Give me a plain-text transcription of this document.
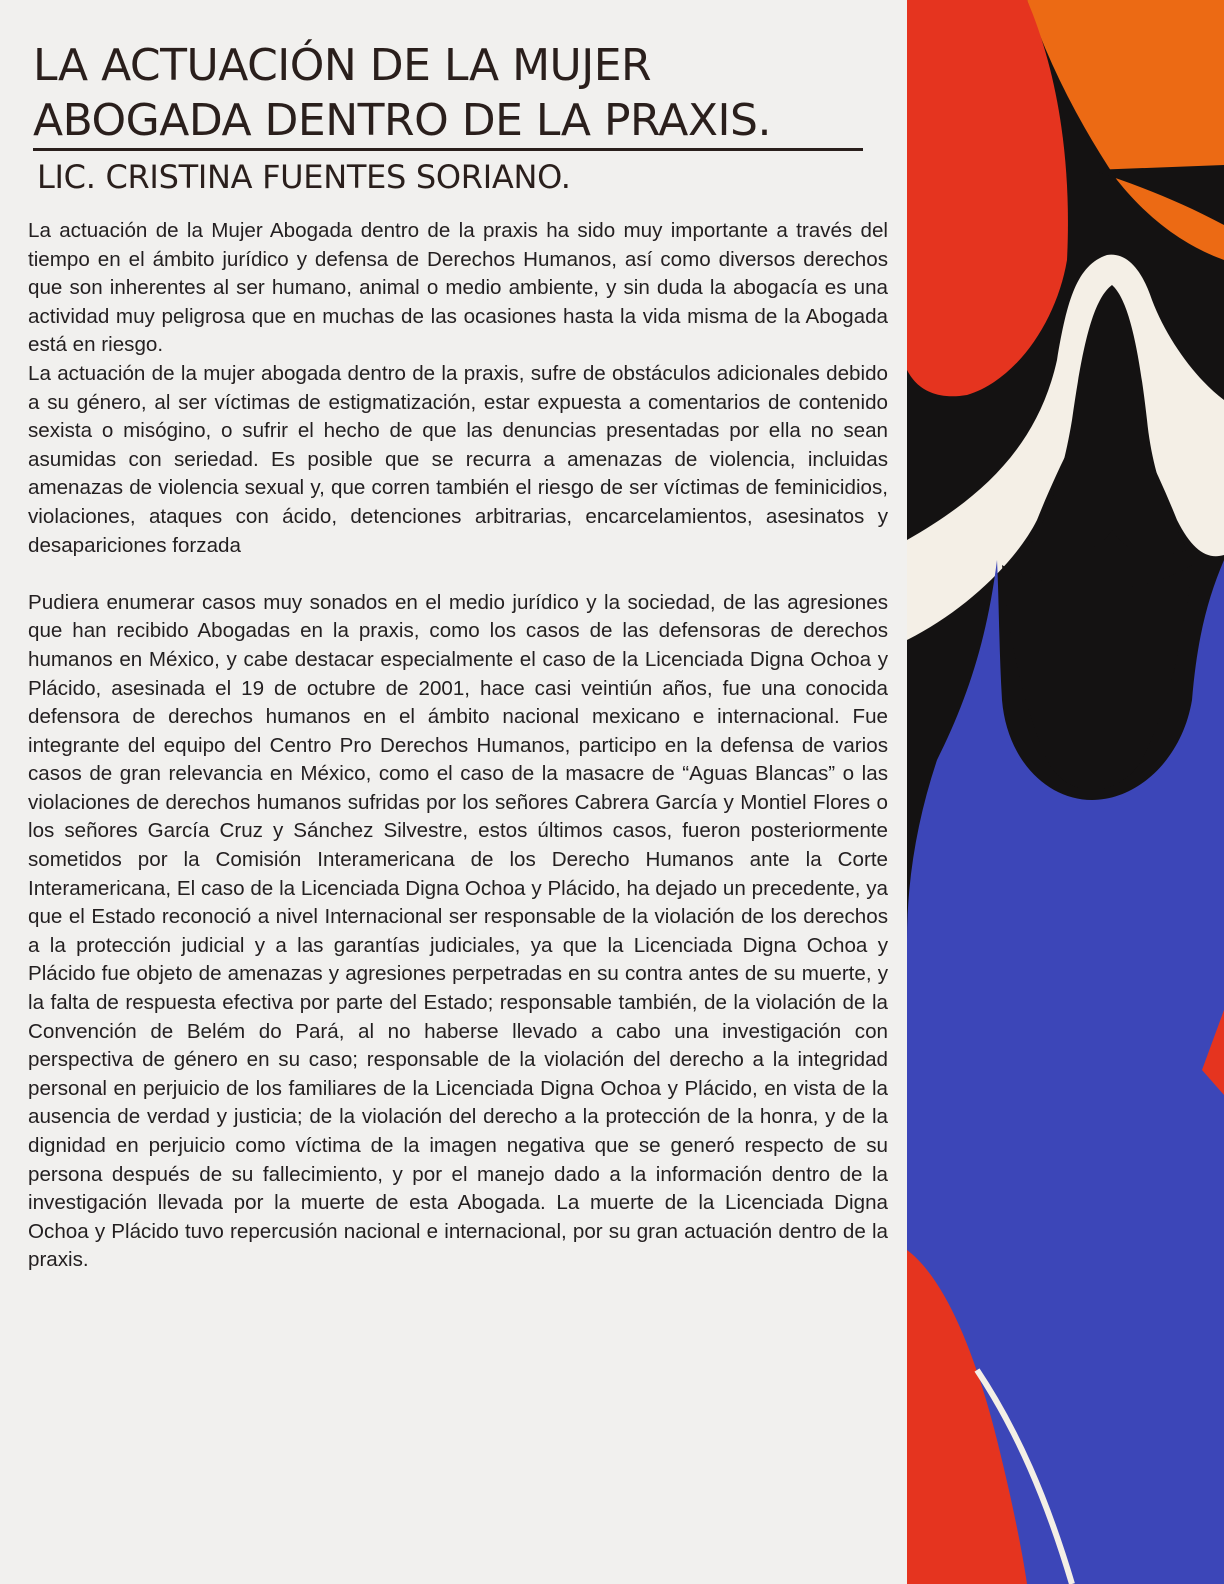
LA ACTUACIÓN DE LA MUJER
ABOGADA DENTRO DE LA PRAXIS.
LIC. CRISTINA FUENTES SORIANO.

La actuación de la Mujer Abogada dentro de la praxis ha sido muy importante a través del tiempo en el ámbito jurídico y defensa de Derechos Humanos, así como diversos derechos que son inherentes al ser humano, animal o medio ambiente, y sin duda la abogacía es una actividad muy peligrosa que en muchas de las ocasiones hasta la vida misma de la Abogada está en riesgo.

La actuación de la mujer abogada dentro de la praxis, sufre de obstáculos adicionales debido a su género, al ser víctimas de estigmatización, estar expuesta a comentarios de contenido sexista o misógino, o sufrir el hecho de que las denuncias presentadas por ella no sean asumidas con seriedad. Es posible que se recurra a amenazas de violencia, incluidas amenazas de violencia sexual y, que corren también el riesgo de ser víctimas de feminicidios, violaciones, ataques con ácido, detenciones arbitrarias, encarcelamientos, asesinatos y desapariciones forzada

Pudiera enumerar casos muy sonados en el medio jurídico y la sociedad, de las agresiones que han recibido Abogadas en la praxis, como los casos de las defensoras de derechos humanos en México, y cabe destacar especialmente el caso de la Licenciada Digna Ochoa y Plácido, asesinada el 19 de octubre de 2001, hace casi veintiún años, fue una conocida defensora de derechos humanos en el ámbito nacional mexicano e internacional. Fue integrante del equipo del Centro Pro Derechos Humanos, participo en la defensa de varios casos de gran relevancia en México, como el caso de la masacre de “Aguas Blancas” o las violaciones de derechos humanos sufridas por los señores Cabrera García y Montiel Flores o los señores García Cruz y Sánchez Silvestre, estos últimos casos, fueron posteriormente sometidos por la Comisión Interamericana de los Derecho Humanos ante la Corte Interamericana, El caso de la Licenciada Digna Ochoa y Plácido, ha dejado un precedente, ya que el Estado reconoció a nivel Internacional ser responsable de la violación de los derechos a la protección judicial y a las garantías judiciales, ya que la Licenciada Digna Ochoa y Plácido fue objeto de amenazas y agresiones perpetradas en su contra antes de su muerte, y la falta de respuesta efectiva por parte del Estado; responsable también, de la violación de la Convención de Belém do Pará, al no haberse llevado a cabo una investigación con perspectiva de género en su caso; responsable de la violación del derecho a la integridad personal en perjuicio de los familiares de la Licenciada Digna Ochoa y Plácido, en vista de la ausencia de verdad y justicia; de la violación del derecho a la protección de la honra, y de la dignidad en perjuicio como víctima de la imagen negativa que se generó respecto de su persona después de su fallecimiento, y por el manejo dado a la información dentro de la investigación llevada por la muerte de esta Abogada. La muerte de la Licenciada Digna Ochoa y Plácido tuvo repercusión nacional e internacional, por su gran actuación dentro de la praxis.
